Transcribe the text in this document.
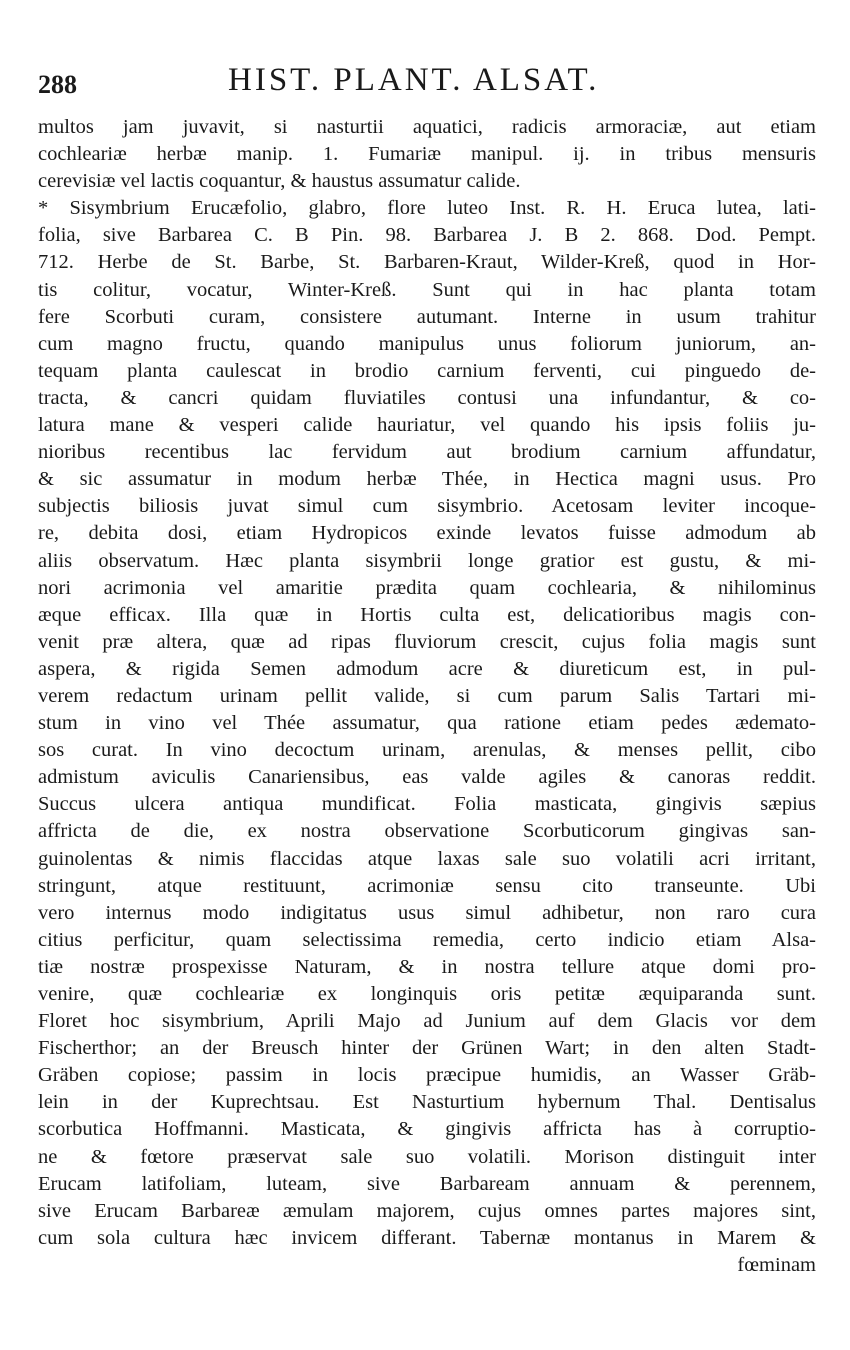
288	HIST. PLANT. ALSAT.
multos jam juvavit, si nasturtii aquatici, radicis armoraciæ, aut etiam
cochleariæ herbæ manip. 1. Fumariæ manipul. ij. in tribus mensuris
cerevisiæ vel lactis coquantur, & haustus assumatur calide.
* Sisymbrium Erucæfolio, glabro, flore luteo Inst. R. H. Eruca lutea, lati-
folia, sive Barbarea C. B Pin. 98. Barbarea J. B 2. 868. Dod. Pempt.
712. Herbe de St. Barbe, St. Barbaren-Kraut, Wilder-Kreß, quod in Hor-
tis colitur, vocatur, Winter-Kreß. Sunt qui in hac planta totam
fere Scorbuti curam, consistere autumant. Interne in usum trahitur
cum magno fructu, quando manipulus unus foliorum juniorum, an-
tequam planta caulescat in brodio carnium ferventi, cui pinguedo de-
tracta, & cancri quidam fluviatiles contusi una infundantur, & co-
latura mane & vesperi calide hauriatur, vel quando his ipsis foliis ju-
nioribus recentibus lac fervidum aut brodium carnium affundatur,
& sic assumatur in modum herbæ Thée, in Hectica magni usus. Pro
subjectis biliosis juvat simul cum sisymbrio. Acetosam leviter incoque-
re, debita dosi, etiam Hydropicos exinde levatos fuisse admodum ab
aliis observatum. Hæc planta sisymbrii longe gratior est gustu, & mi-
nori acrimonia vel amaritie prædita quam cochlearia, & nihilominus
æque efficax. Illa quæ in Hortis culta est, delicatioribus magis con-
venit præ altera, quæ ad ripas fluviorum crescit, cujus folia magis sunt
aspera, & rigida Semen admodum acre & diureticum est, in pul-
verem redactum urinam pellit valide, si cum parum Salis Tartari mi-
stum in vino vel Thée assumatur, qua ratione etiam pedes ædemato-
sos curat. In vino decoctum urinam, arenulas, & menses pellit, cibo
admistum aviculis Canariensibus, eas valde agiles & canoras reddit.
Succus ulcera antiqua mundificat. Folia masticata, gingivis sæpius
affricta de die, ex nostra observatione Scorbuticorum gingivas san-
guinolentas & nimis flaccidas atque laxas sale suo volatili acri irritant,
stringunt, atque restituunt, acrimoniæ sensu cito transeunte. Ubi
vero internus modo indigitatus usus simul adhibetur, non raro cura
citius perficitur, quam selectissima remedia, certo indicio etiam Alsa-
tiæ nostræ prospexisse Naturam, & in nostra tellure atque domi pro-
venire, quæ cochleariæ ex longinquis oris petitæ æquiparanda sunt.
Floret hoc sisymbrium, Aprili Majo ad Junium auf dem Glacis vor dem
Fischerthor; an der Breusch hinter der Grünen Wart; in den alten Stadt-
Gräben copiose; passim in locis præcipue humidis, an Wasser Gräb-
lein in der Kuprechtsau. Est Nasturtium hybernum Thal. Dentisalus
scorbutica Hoffmanni. Masticata, & gingivis affricta has à corruptio-
ne & fœtore præservat sale suo volatili. Morison distinguit inter
Erucam latifoliam, luteam, sive Barbaream annuam & perennem,
sive Erucam Barbareæ æmulam majorem, cujus omnes partes majores sint,
cum sola cultura hæc invicem differant. Tabernæ montanus in Marem &
fœminam
